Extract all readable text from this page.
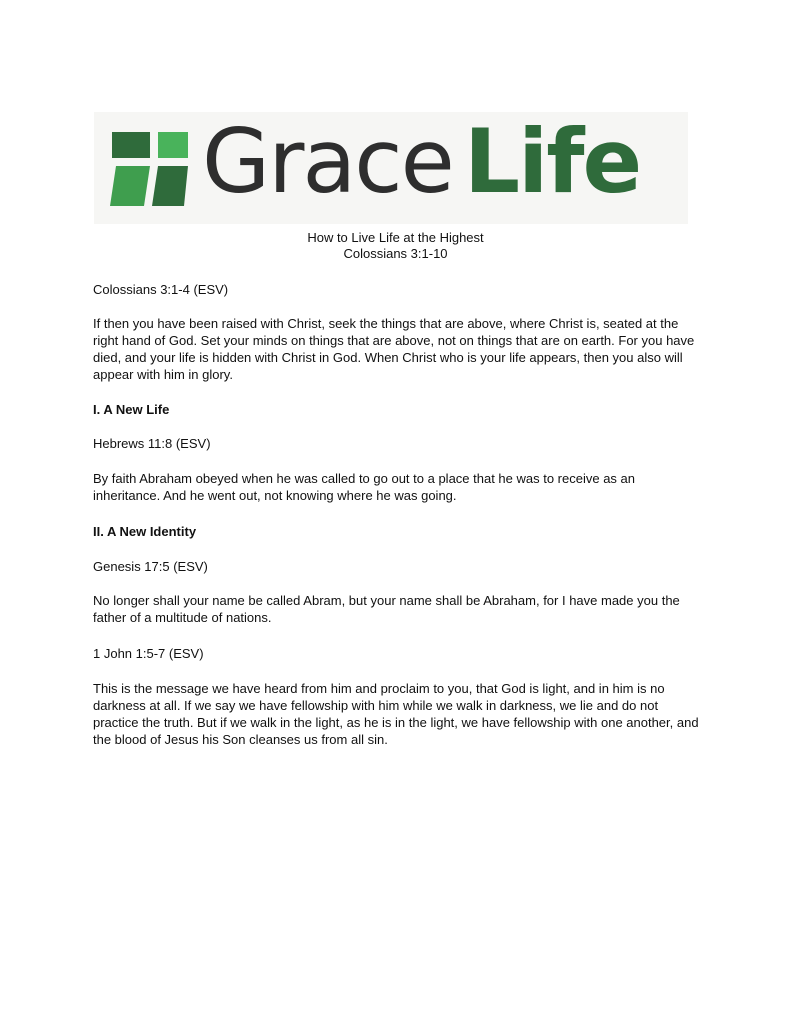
Grace Life
How to Live Life at the Highest
Colossians 3:1-10

Colossians 3:1-4 (ESV)

If then you have been raised with Christ, seek the things that are above, where Christ is, seated at the right hand of God. Set your minds on things that are above, not on things that are on earth. For you have died, and your life is hidden with Christ in God. When Christ who is your life appears, then you also will appear with him in glory.

I. A New Life

Hebrews 11:8 (ESV)

By faith Abraham obeyed when he was called to go out to a place that he was to receive as an inheritance. And he went out, not knowing where he was going.

II. A New Identity

Genesis 17:5 (ESV)

No longer shall your name be called Abram, but your name shall be Abraham, for I have made you the father of a multitude of nations.

1 John 1:5-7 (ESV)

This is the message we have heard from him and proclaim to you, that God is light, and in him is no darkness at all. If we say we have fellowship with him while we walk in darkness, we lie and do not practice the truth. But if we walk in the light, as he is in the light, we have fellowship with one another, and the blood of Jesus his Son cleanses us from all sin.
